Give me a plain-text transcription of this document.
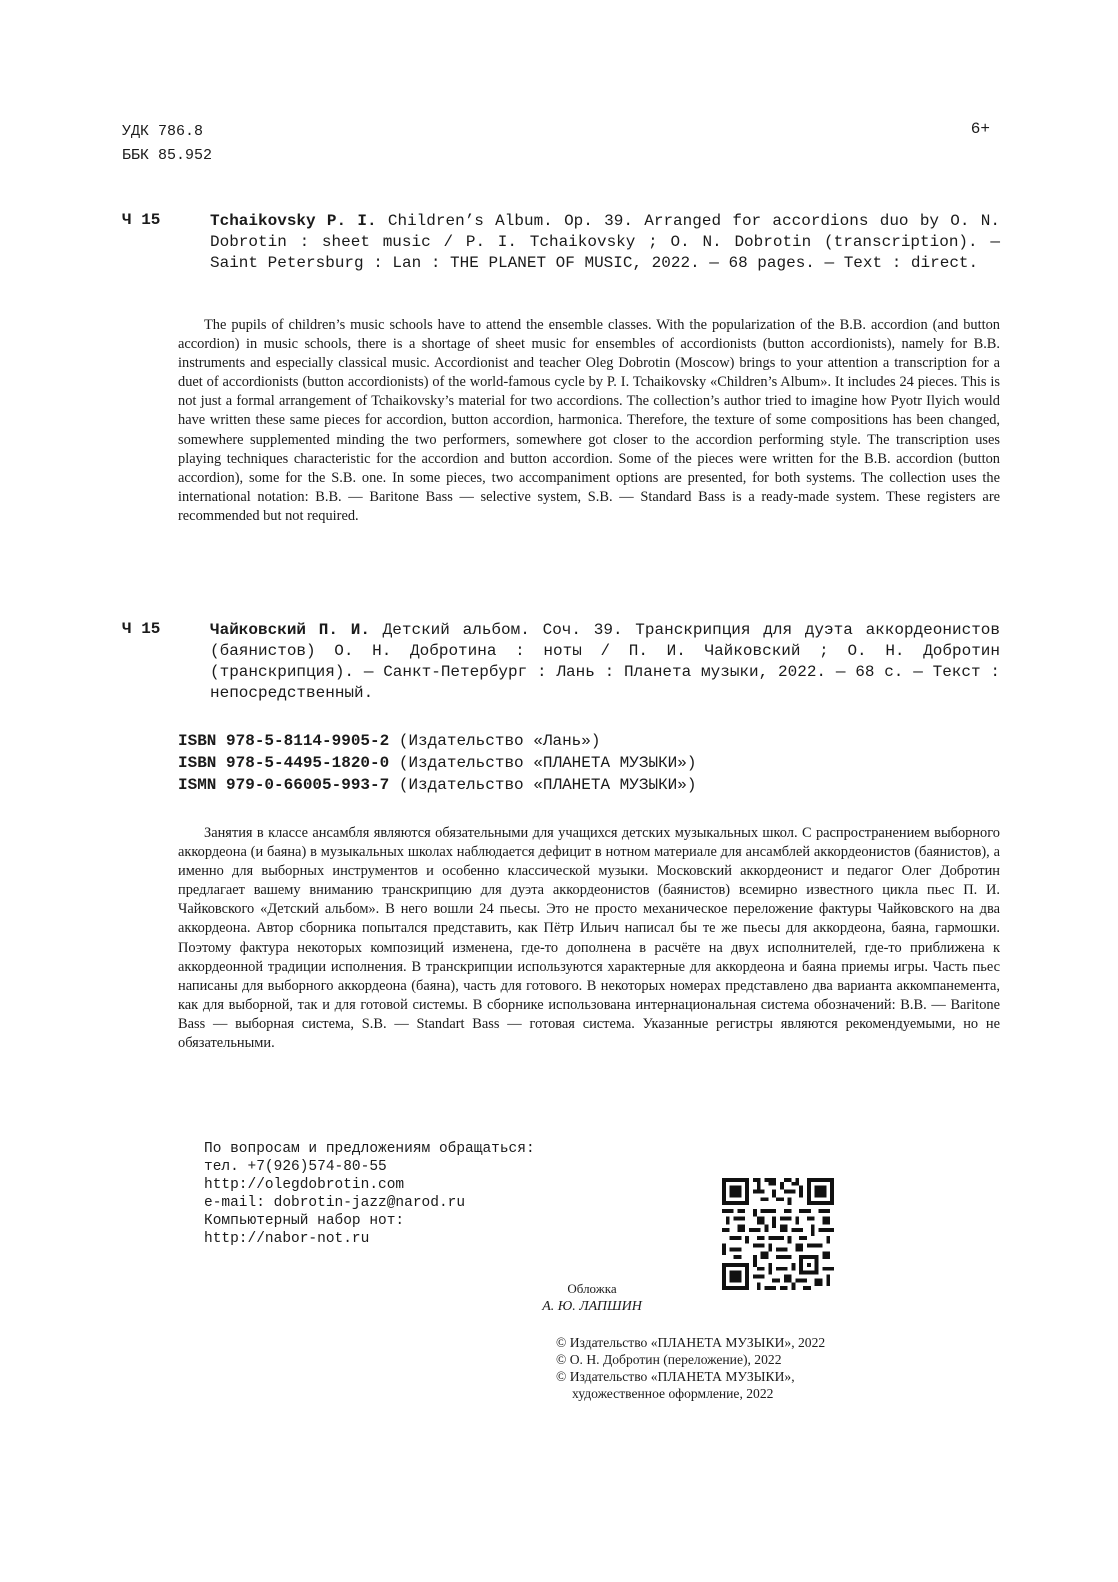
УДК 786.8
ББК 85.952
6+
Ч 15	Tchaikovsky P. I. Children’s Album. Op. 39. Arranged for accordions duo by O. N. Dobrotin : sheet music / P. I. Tchaikovsky ; O. N. Dobrotin (transcription). — Saint Petersburg : Lan : THE PLANET OF MUSIC, 2022. — 68 pages. — Text : direct.
The pupils of children’s music schools have to attend the ensemble classes. With the popularization of the B.B. accordion (and button accordion) in music schools, there is a shortage of sheet music for ensembles of accordionists (button accordionists), namely for B.B. instruments and especially classical music. Accordionist and teacher Oleg Dobrotin (Moscow) brings to your attention a transcription for a duet of accordionists (button accordionists) of the world-famous cycle by P. I. Tchaikovsky «Children’s Album». It includes 24 pieces. This is not just a formal arrangement of Tchaikovsky’s material for two accordions. The collection’s author tried to imagine how Pyotr Ilyich would have written these same pieces for accordion, button accordion, harmonica. Therefore, the texture of some compositions has been changed, somewhere supplemented minding the two performers, somewhere got closer to the accordion performing style. The transcription uses playing techniques characteristic for the accordion and button accordion. Some of the pieces were written for the B.B. accordion (button accordion), some for the S.B. one. In some pieces, two accompaniment options are presented, for both systems. The collection uses the international notation: B.B. — Baritone Bass — selective system, S.B. — Standard Bass is a ready-made system. These registers are recommended but not required.
Ч 15	Чайковский П. И. Детский альбом. Соч. 39. Транскрипция для дуэта аккордеонистов (баянистов) О. Н. Добротина : ноты / П. И. Чайковский ; О. Н. Добротин (транскрипция). — Санкт-Петербург : Лань : Планета музыки, 2022. — 68 с. — Текст : непосредственный.
ISBN 978-5-8114-9905-2 (Издательство «Лань»)
ISBN 978-5-4495-1820-0 (Издательство «ПЛАНЕТА МУЗЫКИ»)
ISMN 979-0-66005-993-7 (Издательство «ПЛАНЕТА МУЗЫКИ»)
Занятия в классе ансамбля являются обязательными для учащихся детских музыкальных школ. С распространением выборного аккордеона (и баяна) в музыкальных школах наблюдается дефицит в нотном материале для ансамблей аккордеонистов (баянистов), а именно для выборных инструментов и особенно классической музыки. Московский аккордеонист и педагог Олег Добротин предлагает вашему вниманию транскрипцию для дуэта аккордеонистов (баянистов) всемирно известного цикла пьес П. И. Чайковского «Детский альбом». В него вошли 24 пьесы. Это не просто механическое переложение фактуры Чайковского на два аккордеона. Автор сборника попытался представить, как Пётр Ильич написал бы те же пьесы для аккордеона, баяна, гармошки. Поэтому фактура некоторых композиций изменена, где-то дополнена в расчёте на двух исполнителей, где-то приближена к аккордеонной традиции исполнения. В транскрипции используются характерные для аккордеона и баяна приемы игры. Часть пьес написаны для выборного аккордеона (баяна), часть для готового. В некоторых номерах представлено два варианта аккомпанемента, как для выборной, так и для готовой системы. В сборнике использована интернациональная система обозначений: B.B. — Baritone Bass — выборная система, S.B. — Standart Bass — готовая система. Указанные регистры являются рекомендуемыми, но не обязательными.
По вопросам и предложениям обращаться:
тел. +7(926)574-80-55
http://olegdobrotin.com
e-mail: dobrotin-jazz@narod.ru
Компьютерный набор нот:
http://nabor-not.ru
Обложка
А. Ю. ЛАПШИН
© Издательство «ПЛАНЕТА МУЗЫКИ», 2022
© О. Н. Добротин (переложение), 2022
© Издательство «ПЛАНЕТА МУЗЫКИ»,
художественное оформление, 2022
